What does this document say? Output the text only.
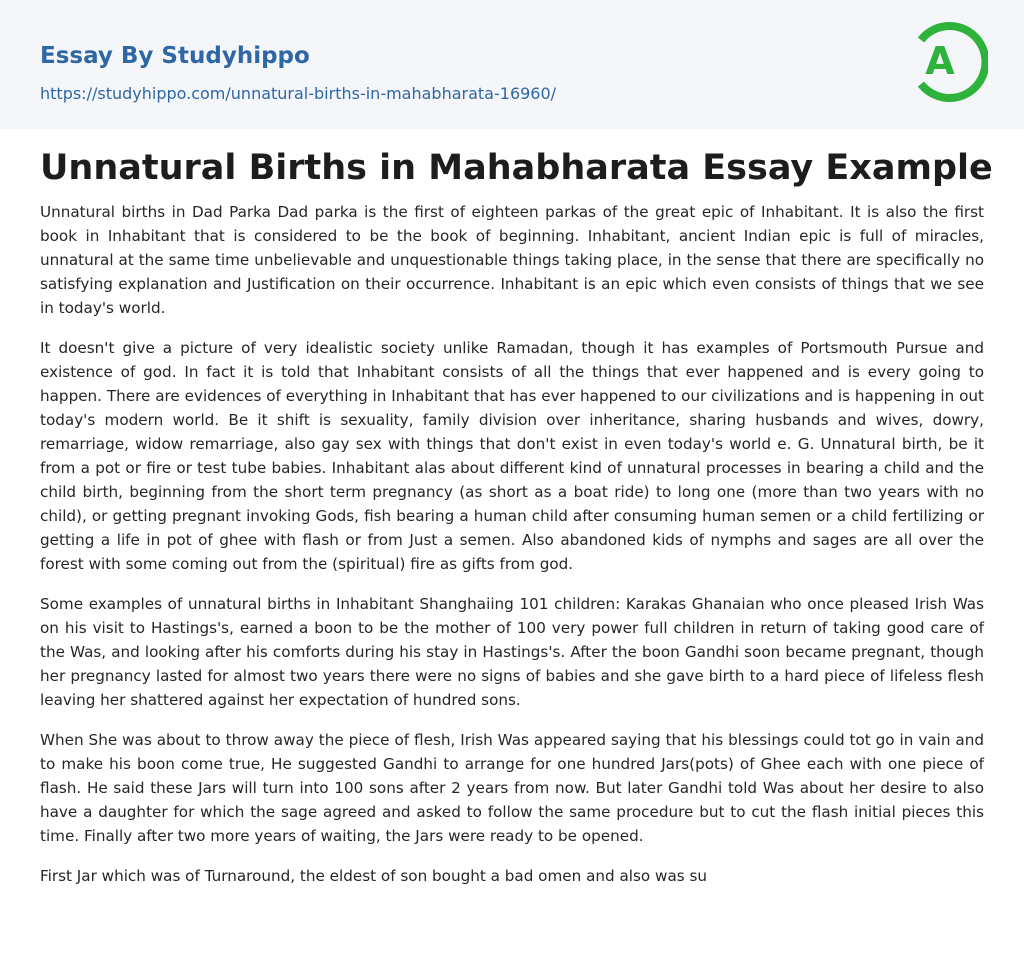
Essay By Studyhippo
https://studyhippo.com/unnatural-births-in-mahabharata-16960/
A
Unnatural Births in Mahabharata Essay Example

Unnatural births in Dad Parka Dad parka is the first of eighteen parkas of the great epic of Inhabitant. It is also the first book in Inhabitant that is considered to be the book of beginning. Inhabitant, ancient Indian epic is full of miracles, unnatural at the same time unbelievable and unquestionable things taking place, in the sense that there are specifically no satisfying explanation and Justification on their occurrence. Inhabitant is an epic which even consists of things that we see in today's world.

It doesn't give a picture of very idealistic society unlike Ramadan, though it has examples of Portsmouth Pursue and existence of god. In fact it is told that Inhabitant consists of all the things that ever happened and is every going to happen. There are evidences of everything in Inhabitant that has ever happened to our civilizations and is happening in out today's modern world. Be it shift is sexuality, family division over inheritance, sharing husbands and wives, dowry, remarriage, widow remarriage, also gay sex with things that don't exist in even today's world e. G. Unnatural birth, be it from a pot or fire or test tube babies. Inhabitant alas about different kind of unnatural processes in bearing a child and the child birth, beginning from the short term pregnancy (as short as a boat ride) to long one (more than two years with no child), or getting pregnant invoking Gods, fish bearing a human child after consuming human semen or a child fertilizing or getting a life in pot of ghee with flash or from Just a semen. Also abandoned kids of nymphs and sages are all over the forest with some coming out from the (spiritual) fire as gifts from god.

Some examples of unnatural births in Inhabitant Shanghaiing 101 children: Karakas Ghanaian who once pleased Irish Was on his visit to Hastings's, earned a boon to be the mother of 100 very power full children in return of taking good care of the Was, and looking after his comforts during his stay in Hastings's. After the boon Gandhi soon became pregnant, though her pregnancy lasted for almost two years there were no signs of babies and she gave birth to a hard piece of lifeless flesh leaving her shattered against her expectation of hundred sons.

When She was about to throw away the piece of flesh, Irish Was appeared saying that his blessings could tot go in vain and to make his boon come true, He suggested Gandhi to arrange for one hundred Jars(pots) of Ghee each with one piece of flash. He said these Jars will turn into 100 sons after 2 years from now. But later Gandhi told Was about her desire to also have a daughter for which the sage agreed and asked to follow the same procedure but to cut the flash initial pieces this time. Finally after two more years of waiting, the Jars were ready to be opened.

First Jar which was of Turnaround, the eldest of son bought a bad omen and also was su
